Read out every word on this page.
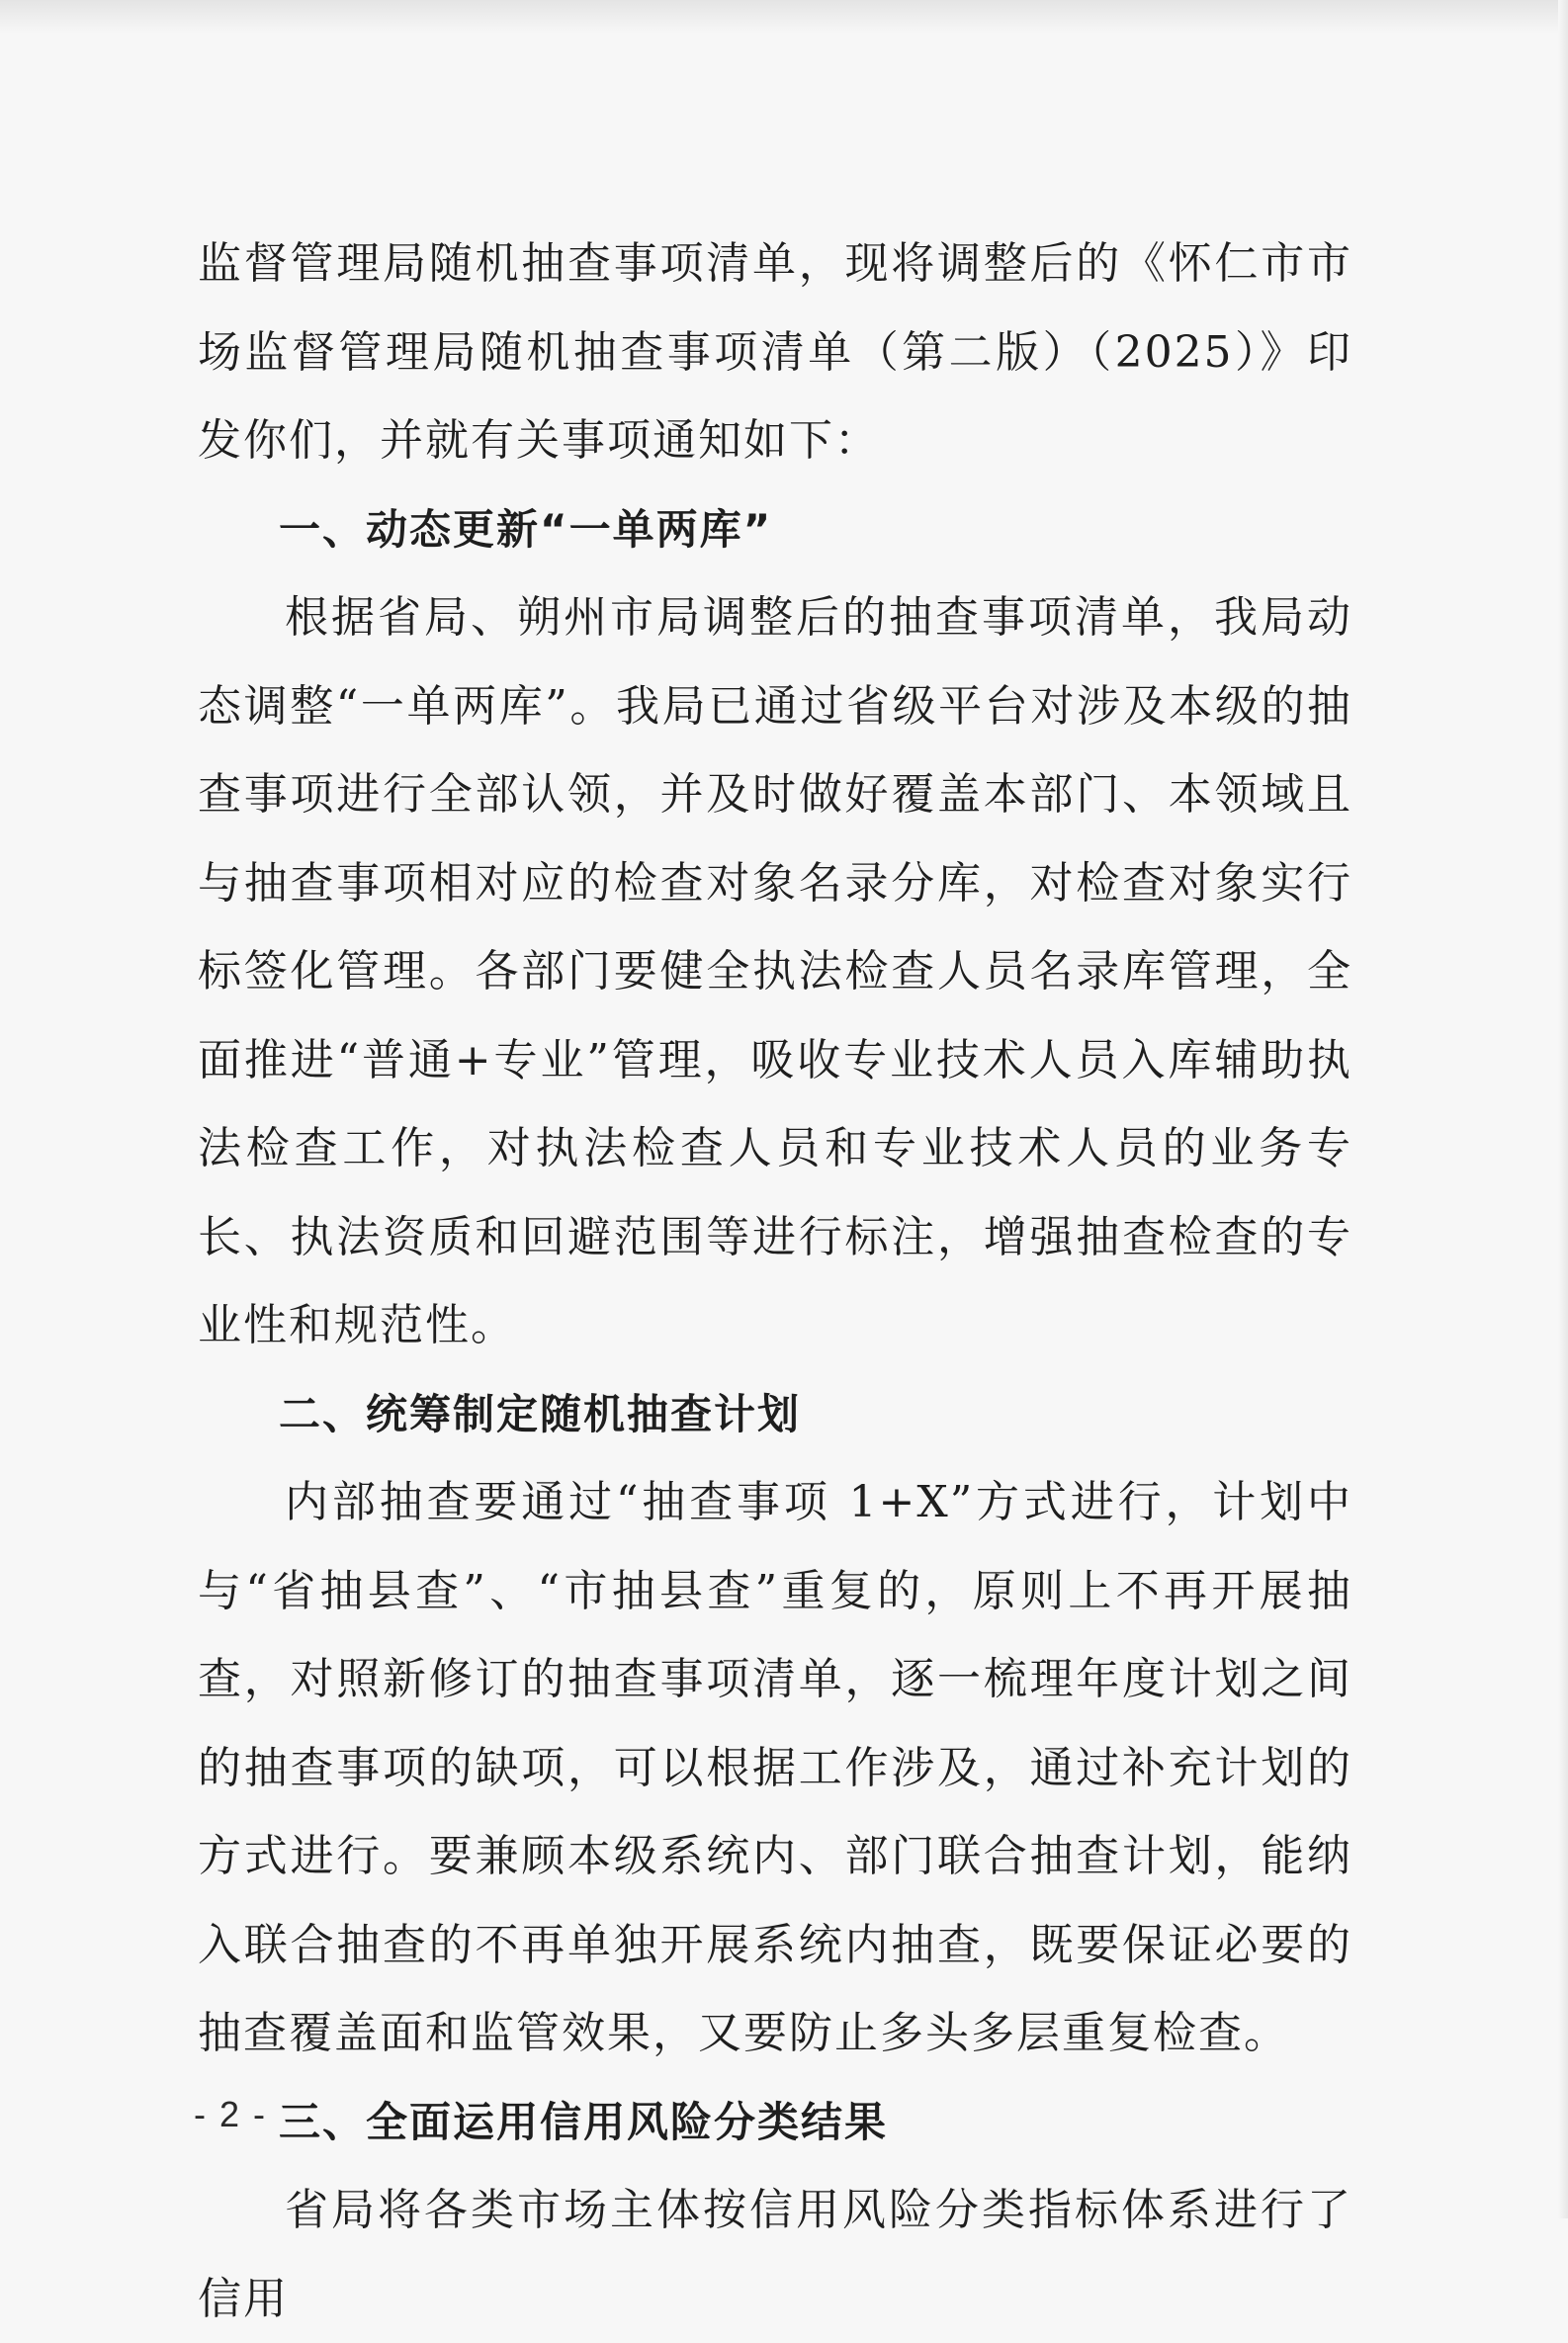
监督管理局随机抽查事项清单，现将调整后的《怀仁市市场监督管理局随机抽查事项清单（第二版）（2025）》印发你们，并就有关事项通知如下：

一、动态更新“一单两库”

根据省局、朔州市局调整后的抽查事项清单，我局动态调整“一单两库”。我局已通过省级平台对涉及本级的抽查事项进行全部认领，并及时做好覆盖本部门、本领域且与抽查事项相对应的检查对象名录分库，对检查对象实行标签化管理。各部门要健全执法检查人员名录库管理，全面推进“普通+专业”管理，吸收专业技术人员入库辅助执法检查工作，对执法检查人员和专业技术人员的业务专长、执法资质和回避范围等进行标注，增强抽查检查的专业性和规范性。

二、统筹制定随机抽查计划

内部抽查要通过“抽查事项 1+X”方式进行，计划中与“省抽县查”、“市抽县查”重复的，原则上不再开展抽查，对照新修订的抽查事项清单，逐一梳理年度计划之间的抽查事项的缺项，可以根据工作涉及，通过补充计划的方式进行。要兼顾本级系统内、部门联合抽查计划，能纳入联合抽查的不再单独开展系统内抽查，既要保证必要的抽查覆盖面和监管效果，又要防止多头多层重复检查。

三、全面运用信用风险分类结果

省局将各类市场主体按信用风险分类指标体系进行了信用

- 2 -
